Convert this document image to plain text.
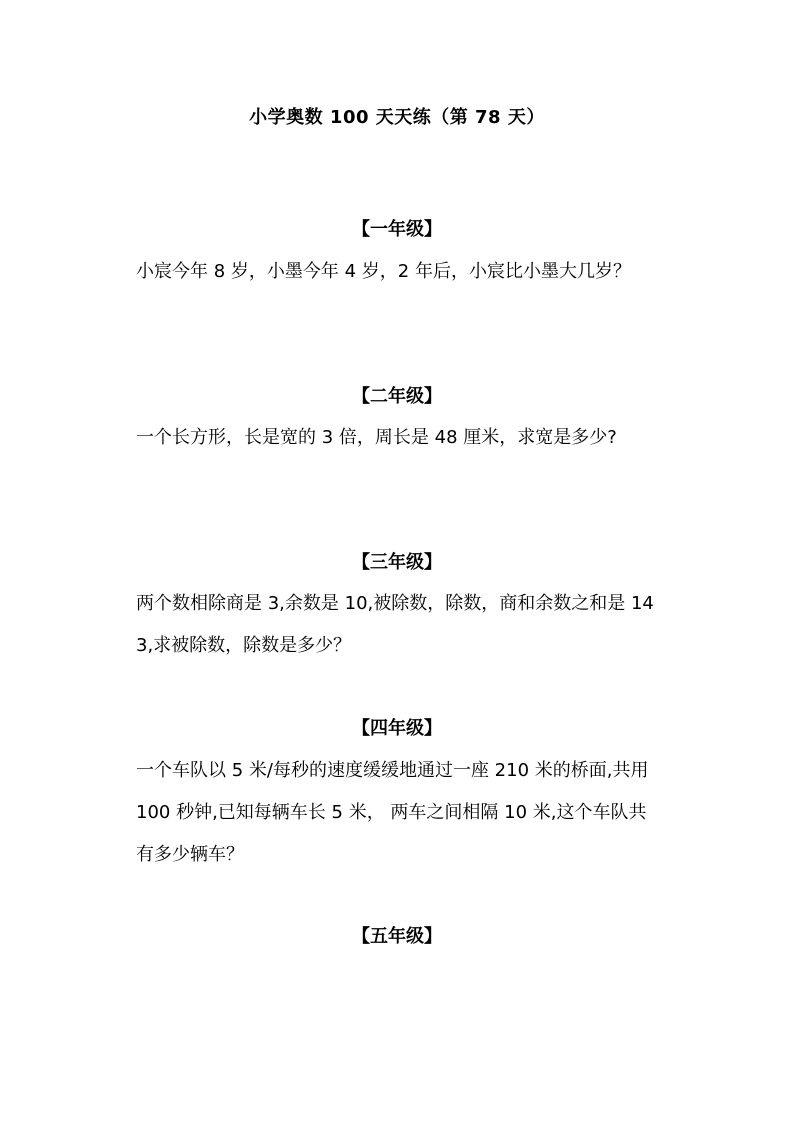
小学奥数 100 天天练（第 78 天）
【一年级】

小宸今年 8 岁，小墨今年 4 岁，2 年后，小宸比小墨大几岁？

【二年级】

一个长方形，长是宽的 3 倍，周长是 48 厘米，求宽是多少?

【三年级】

两个数相除商是 3,余数是 10,被除数，除数，商和余数之和是 143,求被除数，除数是多少？

【四年级】

一个车队以 5 米/每秒的速度缓缓地通过一座 210 米的桥面,共用 100 秒钟,已知每辆车长 5 米， 两车之间相隔 10 米,这个车队共有多少辆车？

【五年级】
